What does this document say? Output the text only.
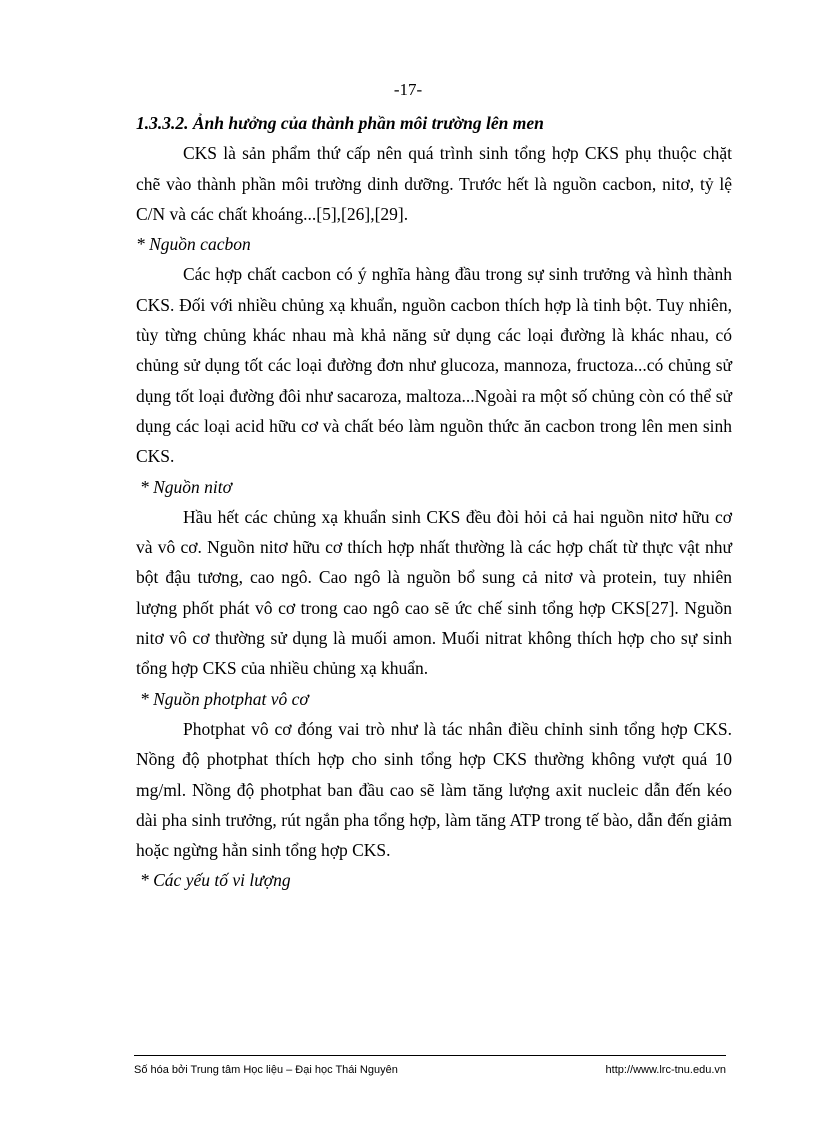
-17-

1.3.3.2. Ảnh hưởng của thành phần môi trường lên men

CKS là sản phẩm thứ cấp nên quá trình sinh tổng hợp CKS phụ thuộc chặt chẽ vào thành phần môi trường dinh dưỡng. Trước hết là nguồn cacbon, nitơ, tỷ lệ C/N và các chất khoáng...[5],[26],[29].

* Nguồn cacbon

Các hợp chất cacbon có ý nghĩa hàng đầu trong sự sinh trưởng và hình thành CKS. Đối với nhiều chủng xạ khuẩn, nguồn cacbon thích hợp là tinh bột. Tuy nhiên, tùy từng chủng khác nhau mà khả năng sử dụng các loại đường là khác nhau, có chủng sử dụng tốt các loại đường đơn như glucoza, mannoza, fructoza...có chủng sử dụng tốt loại đường đôi như sacaroza, maltoza...Ngoài ra một số chủng còn có thể sử dụng các loại acid hữu cơ và chất béo làm nguồn thức ăn cacbon trong lên men sinh CKS.

* Nguồn nitơ

Hầu hết các chủng xạ khuẩn sinh CKS đều đòi hỏi cả hai nguồn nitơ hữu cơ và vô cơ. Nguồn nitơ hữu cơ thích hợp nhất thường là các hợp chất từ thực vật như bột đậu tương, cao ngô. Cao ngô là nguồn bổ sung cả nitơ và protein, tuy nhiên lượng phốt phát vô cơ trong cao ngô cao sẽ ức chế sinh tổng hợp CKS[27]. Nguồn nitơ vô cơ thường sử dụng là muối amon. Muối nitrat không thích hợp cho sự sinh tổng hợp CKS của nhiều chủng xạ khuẩn.

* Nguồn photphat vô cơ

Photphat vô cơ đóng vai trò như là tác nhân điều chỉnh sinh tổng hợp CKS. Nồng độ photphat thích hợp cho sinh tổng hợp CKS thường không vượt quá 10 mg/ml. Nồng độ photphat ban đầu cao sẽ làm tăng lượng axit nucleic dẫn đến kéo dài pha sinh trưởng, rút ngắn pha tổng hợp, làm tăng ATP trong tế bào, dẫn đến giảm hoặc ngừng hẳn sinh tổng hợp CKS.

* Các yếu tố vi lượng

Số hóa bởi Trung tâm Học liệu – Đại học Thái Nguyên	http://www.lrc-tnu.edu.vn
